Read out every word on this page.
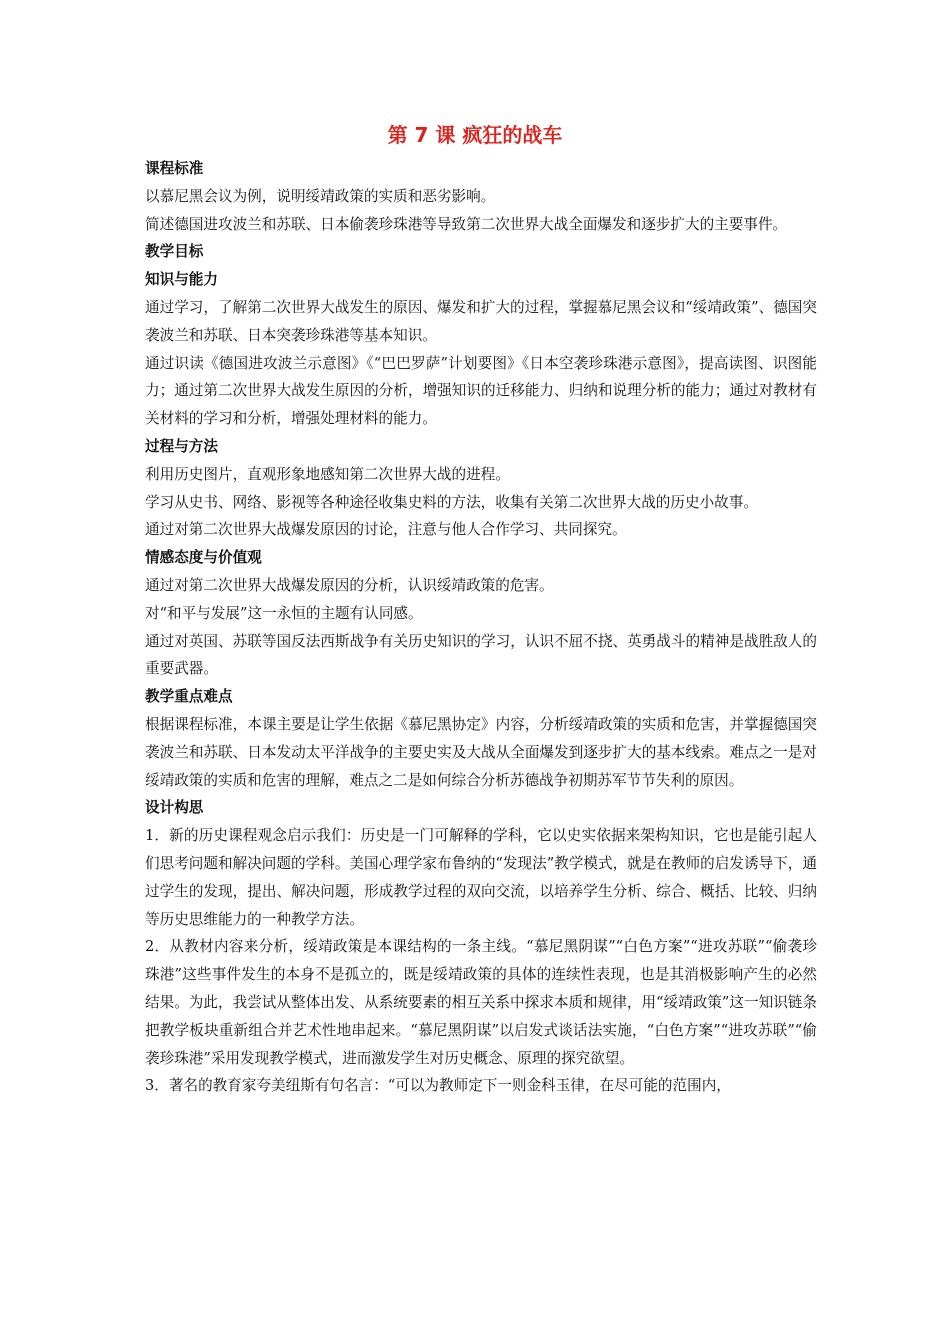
第 7 课 疯狂的战车
课程标准
以慕尼黑会议为例，说明绥靖政策的实质和恶劣影响。
简述德国进攻波兰和苏联、日本偷袭珍珠港等导致第二次世界大战全面爆发和逐步扩大的主要事件。
教学目标
知识与能力
通过学习，了解第二次世界大战发生的原因、爆发和扩大的过程，掌握慕尼黑会议和“绥靖政策”、德国突袭波兰和苏联、日本突袭珍珠港等基本知识。
通过识读《德国进攻波兰示意图》《“巴巴罗萨”计划要图》《日本空袭珍珠港示意图》，提高读图、识图能力；通过第二次世界大战发生原因的分析，增强知识的迁移能力、归纳和说理分析的能力；通过对教材有关材料的学习和分析，增强处理材料的能力。
过程与方法
利用历史图片，直观形象地感知第二次世界大战的进程。
学习从史书、网络、影视等各种途径收集史料的方法，收集有关第二次世界大战的历史小故事。
通过对第二次世界大战爆发原因的讨论，注意与他人合作学习、共同探究。
情感态度与价值观
通过对第二次世界大战爆发原因的分析，认识绥靖政策的危害。
对“和平与发展”这一永恒的主题有认同感。
通过对英国、苏联等国反法西斯战争有关历史知识的学习，认识不屈不挠、英勇战斗的精神是战胜敌人的重要武器。
教学重点难点
根据课程标准，本课主要是让学生依据《慕尼黑协定》内容，分析绥靖政策的实质和危害，并掌握德国突袭波兰和苏联、日本发动太平洋战争的主要史实及大战从全面爆发到逐步扩大的基本线索。难点之一是对绥靖政策的实质和危害的理解，难点之二是如何综合分析苏德战争初期苏军节节失利的原因。
设计构思
1．新的历史课程观念启示我们：历史是一门可解释的学科，它以史实依据来架构知识，它也是能引起人们思考问题和解决问题的学科。美国心理学家布鲁纳的“发现法”教学模式，就是在教师的启发诱导下，通过学生的发现，提出、解决问题，形成教学过程的双向交流，以培养学生分析、综合、概括、比较、归纳等历史思维能力的一种教学方法。
2．从教材内容来分析，绥靖政策是本课结构的一条主线。“慕尼黑阴谋”“白色方案”“进攻苏联”“偷袭珍珠港”这些事件发生的本身不是孤立的，既是绥靖政策的具体的连续性表现，也是其消极影响产生的必然结果。为此，我尝试从整体出发、从系统要素的相互关系中探求本质和规律，用“绥靖政策”这一知识链条把教学板块重新组合并艺术性地串起来。“慕尼黑阴谋”以启发式谈话法实施，“白色方案”“进攻苏联”“偷袭珍珠港”采用发现教学模式，进而激发学生对历史概念、原理的探究欲望。
3．著名的教育家夸美纽斯有句名言：“可以为教师定下一则金科玉律，在尽可能的范围内，
